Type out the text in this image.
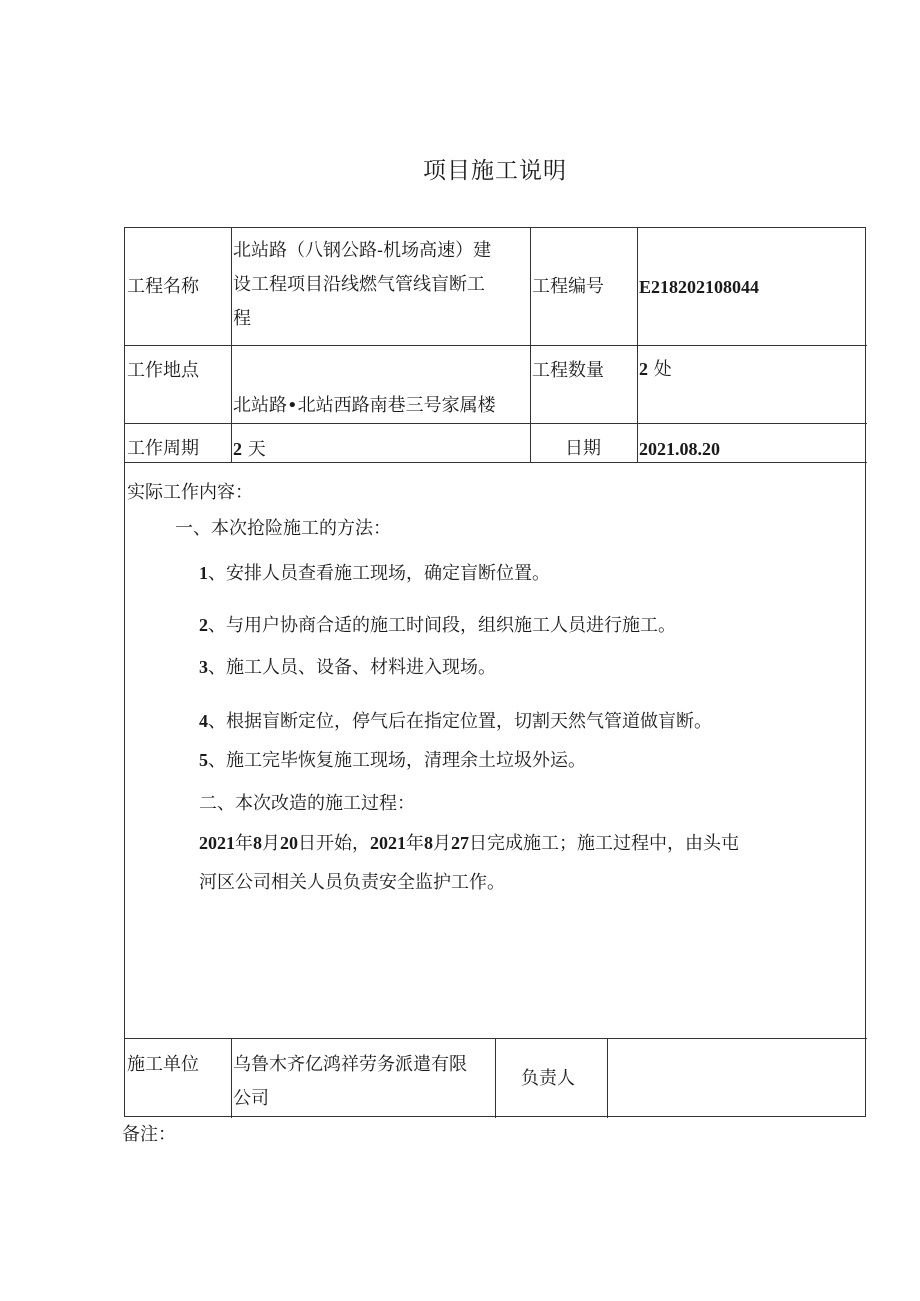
项目施工说明
工程名称
北站路（八钢公路-机场高速）建
设工程项目沿线燃气管线盲断工
程
工程编号 E218202108044
工作地点
北站路•北站西路南巷三号家属楼
工程数量 2 处
工作周期 2 天	日期 2021.08.20
实际工作内容：
一、本次抢险施工的方法：
1、安排人员查看施工现场，确定盲断位置。
2、与用户协商合适的施工时间段，组织施工人员进行施工。
3、施工人员、设备、材料进入现场。
4、根据盲断定位，停气后在指定位置，切割天然气管道做盲断。
5、施工完毕恢复施工现场，清理余土垃圾外运。
二、本次改造的施工过程：
2021年8月20日开始，2021年8月27日完成施工；施工过程中，由头屯
河区公司相关人员负责安全监护工作。
施工单位 乌鲁木齐亿鸿祥劳务派遣有限
公司
负责人
备注：
